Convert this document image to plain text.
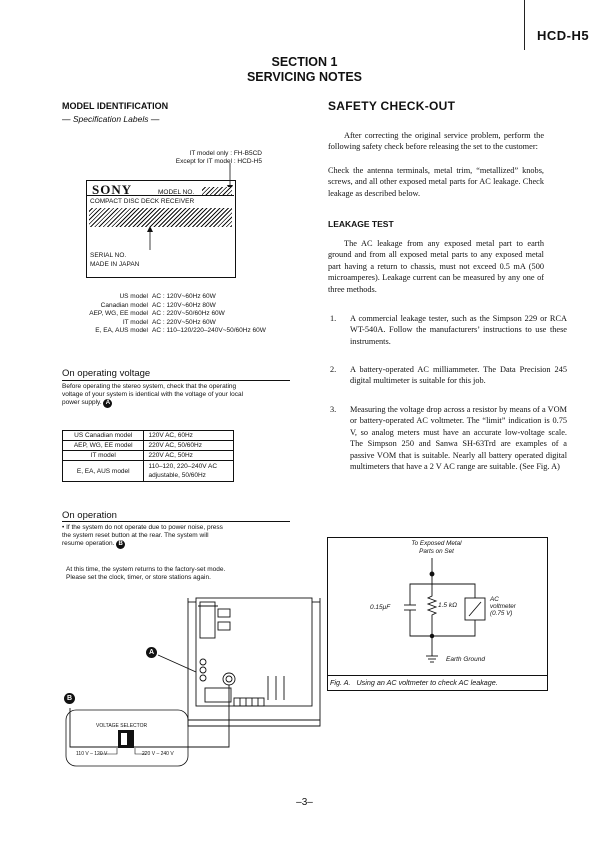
HCD-H5
SECTION 1
SERVICING NOTES
MODEL IDENTIFICATION
— Specification Labels —
IT model only : FH-B5CD
Except for IT model : HCD-H5
SONY	MODEL NO.
COMPACT DISC DECK RECEIVER
SERIAL NO.
MADE IN JAPAN
US model AC : 120V~60Hz 60W
Canadian model AC : 120V~60Hz 80W
AEP, WG, EE model AC : 220V~50/60Hz 60W
IT model AC : 220V~50Hz 60W
E, EA, AUS model AC : 110–120/220–240V~50/60Hz 60W
On operating voltage
Before operating the stereo system, check that the operating voltage of your system is identical with the voltage of your local power supply. A
US Canadian model	120V AC, 60Hz
AEP, WG, EE model	220V AC, 50/60Hz
IT model	220V AC, 50Hz
E, EA, AUS model	110–120, 220–240V AC adjustable, 50/60Hz
On operation
• If the system do not operate due to power noise, press the system reset button at the rear. The system will resume operation. B
At this time, the system returns to the factory-set mode. Please set the clock, timer, or store stations again.
A
B
VOLTAGE SELECTOR
110 V – 120 V	220 V – 240 V
SAFETY CHECK-OUT
After correcting the original service problem, perform the following safety check before releasing the set to the customer:
Check the antenna terminals, metal trim, “metallized” knobs, screws, and all other exposed metal parts for AC leakage. Check leakage as described below.
LEAKAGE TEST
The AC leakage from any exposed metal part to earth ground and from all exposed metal parts to any exposed metal part having a return to chassis, must not exceed 0.5 mA (500 microamperes). Leakage current can be measured by any one of three methods.
1. A commercial leakage tester, such as the Simpson 229 or RCA WT-540A. Follow the manufacturers’ instructions to use these instruments.
2. A battery-operated AC milliammeter. The Data Precision 245 digital multimeter is suitable for this job.
3. Measuring the voltage drop across a resistor by means of a VOM or battery-operated AC voltmeter. The “limit” indication is 0.75 V, so analog meters must have an accurate low-voltage scale. The Simpson 250 and Sanwa SH-63Trd are examples of a passive VOM that is suitable. Nearly all battery operated digital multimeters that have a 2 V AC range are suitable. (See Fig. A)
To Exposed Metal
Parts on Set
0.15μF	1.5 kΩ
AC
voltmeter
(0.75 V)
Earth Ground
Fig. A.   Using an AC voltmeter to check AC leakage.
–3–
